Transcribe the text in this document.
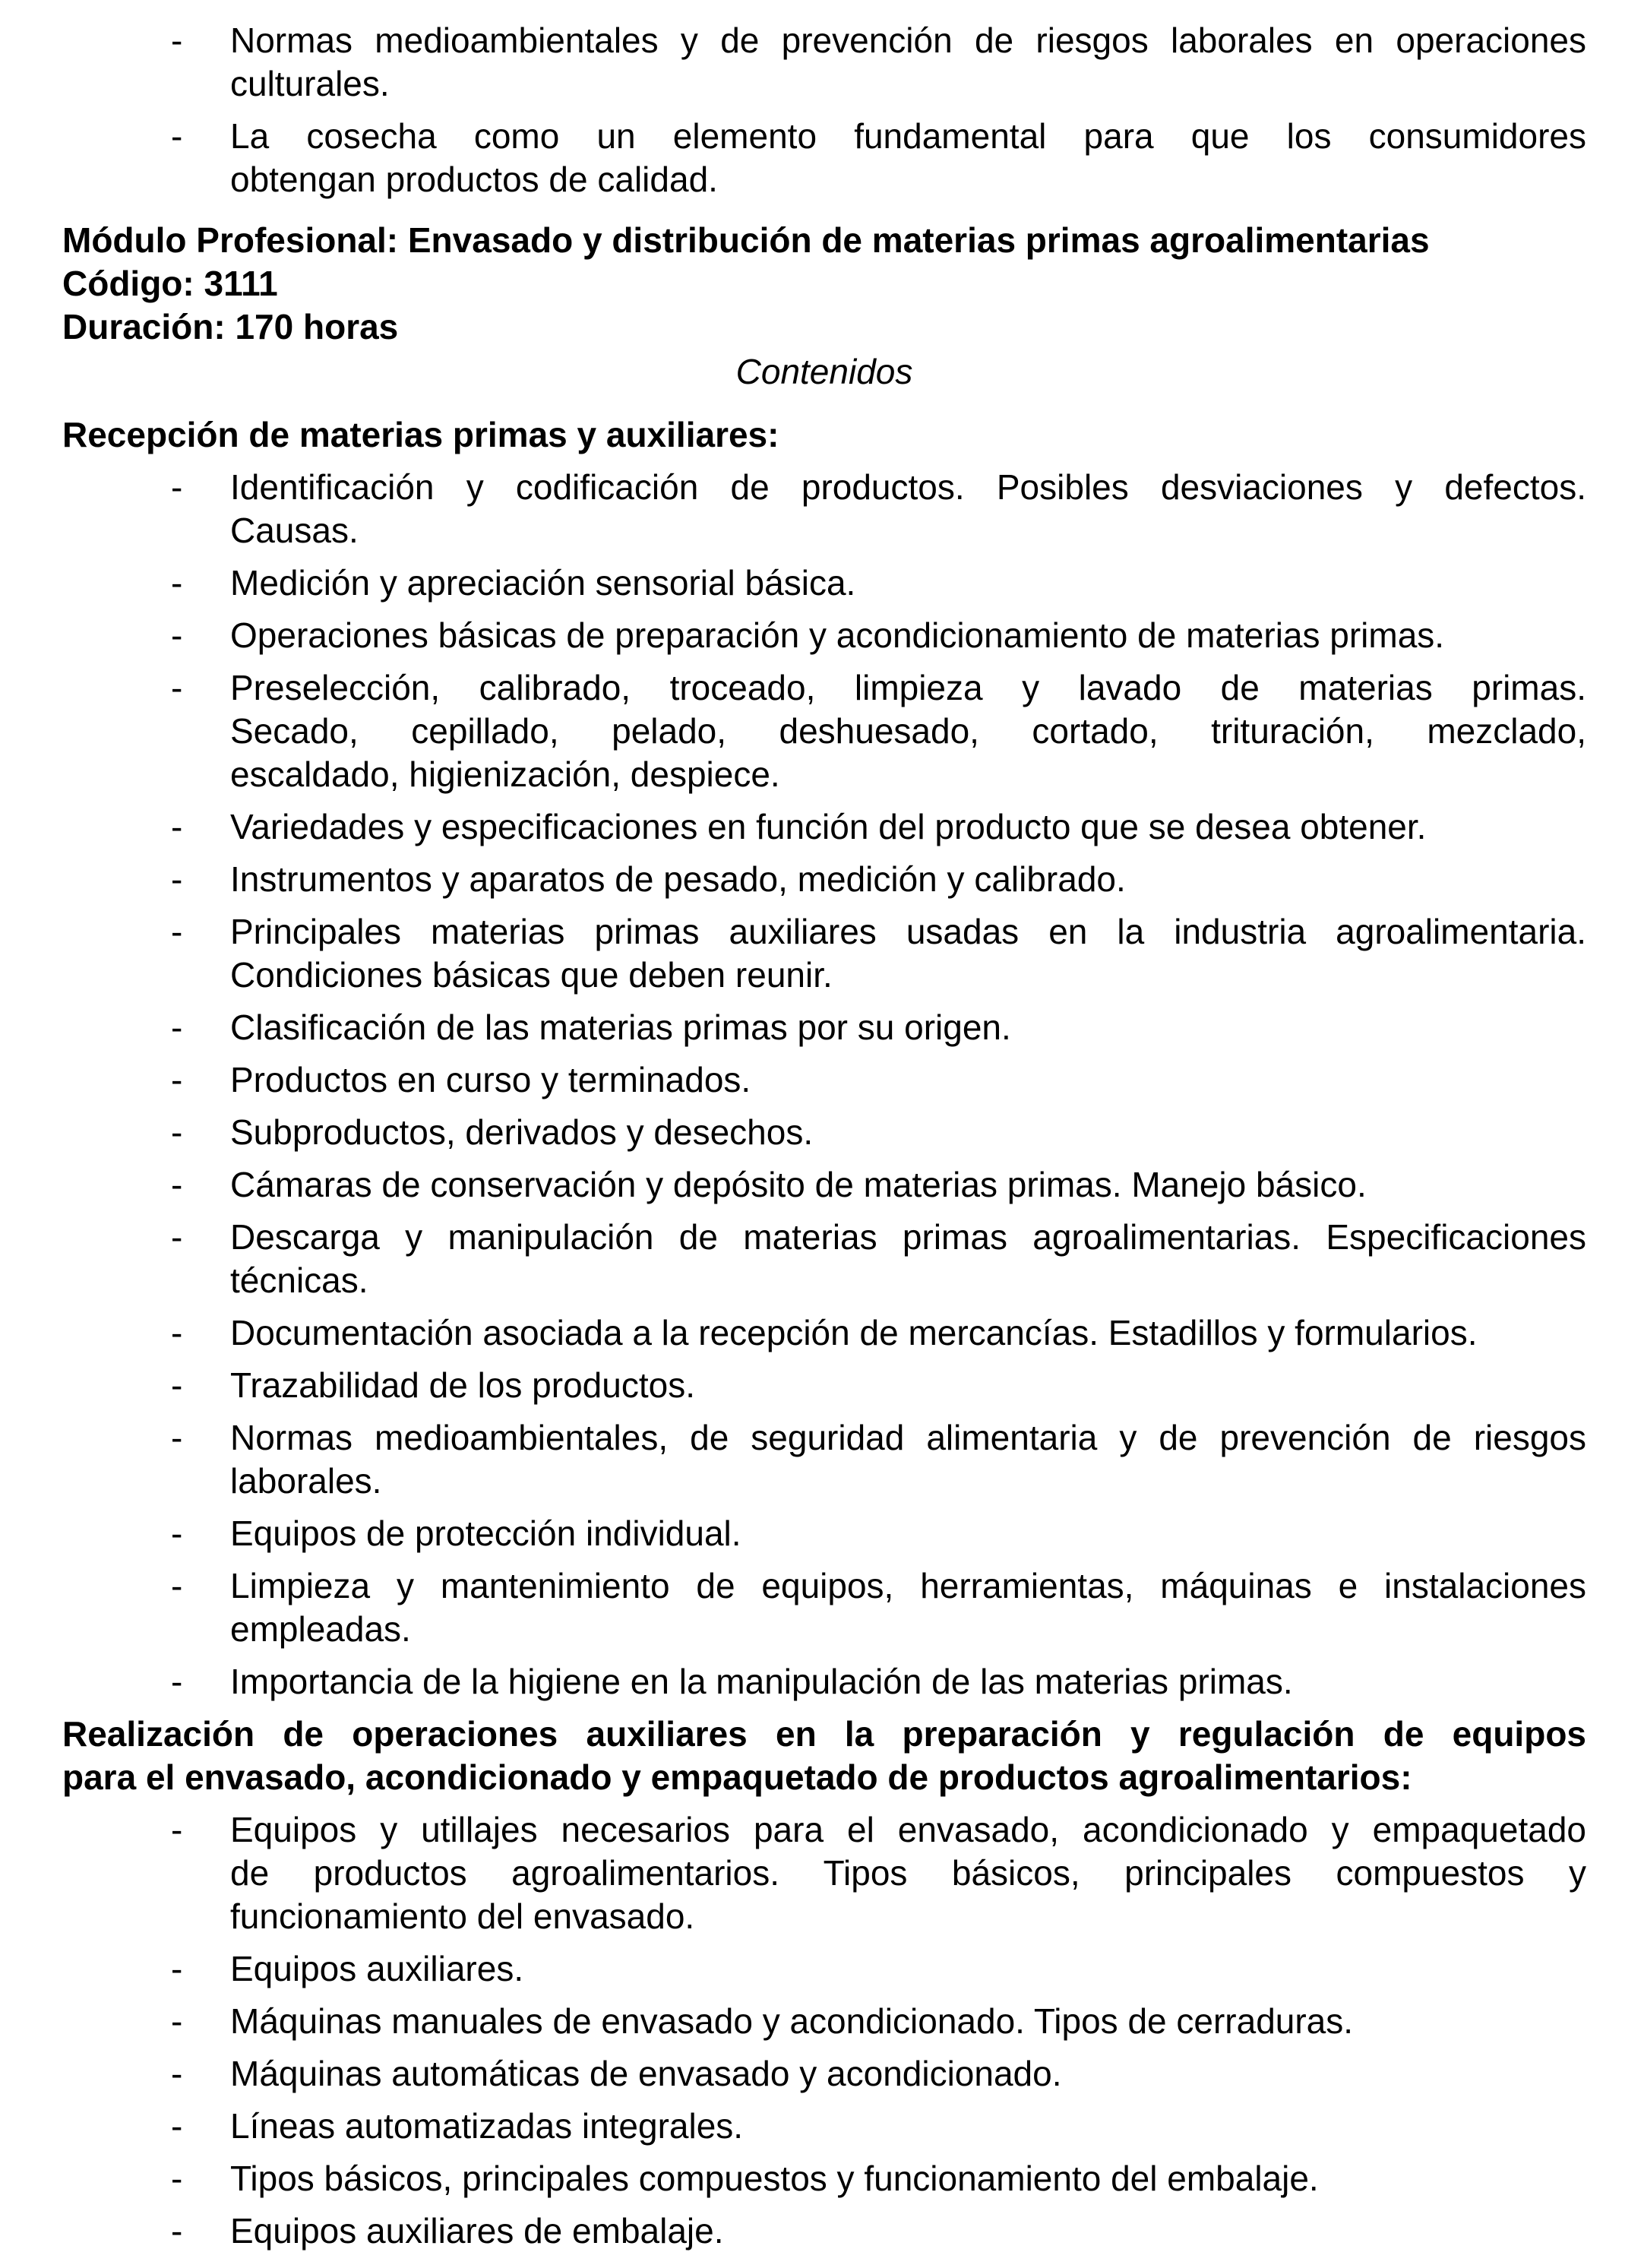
- Normas medioambientales y de prevención de riesgos laborales en operaciones
culturales.
- La cosecha como un elemento fundamental para que los consumidores
obtengan productos de calidad.
Módulo Profesional: Envasado y distribución de materias primas agroalimentarias
Código: 3111
Duración: 170 horas
Contenidos
Recepción de materias primas y auxiliares:
- Identificación y codificación de productos. Posibles desviaciones y defectos.
Causas.
- Medición y apreciación sensorial básica.
- Operaciones básicas de preparación y acondicionamiento de materias primas.
- Preselección, calibrado, troceado, limpieza y lavado de materias primas.
Secado, cepillado, pelado, deshuesado, cortado, trituración, mezclado,
escaldado, higienización, despiece.
- Variedades y especificaciones en función del producto que se desea obtener.
- Instrumentos y aparatos de pesado, medición y calibrado.
- Principales materias primas auxiliares usadas en la industria agroalimentaria.
Condiciones básicas que deben reunir.
- Clasificación de las materias primas por su origen.
- Productos en curso y terminados.
- Subproductos, derivados y desechos.
- Cámaras de conservación y depósito de materias primas. Manejo básico.
- Descarga y manipulación de materias primas agroalimentarias. Especificaciones
técnicas.
- Documentación asociada a la recepción de mercancías. Estadillos y formularios.
- Trazabilidad de los productos.
- Normas medioambientales, de seguridad alimentaria y de prevención de riesgos
laborales.
- Equipos de protección individual.
- Limpieza y mantenimiento de equipos, herramientas, máquinas e instalaciones
empleadas.
- Importancia de la higiene en la manipulación de las materias primas.
Realización de operaciones auxiliares en la preparación y regulación de equipos
para el envasado, acondicionado y empaquetado de productos agroalimentarios:
- Equipos y utillajes necesarios para el envasado, acondicionado y empaquetado
de productos agroalimentarios. Tipos básicos, principales compuestos y
funcionamiento del envasado.
- Equipos auxiliares.
- Máquinas manuales de envasado y acondicionado. Tipos de cerraduras.
- Máquinas automáticas de envasado y acondicionado.
- Líneas automatizadas integrales.
- Tipos básicos, principales compuestos y funcionamiento del embalaje.
- Equipos auxiliares de embalaje.
